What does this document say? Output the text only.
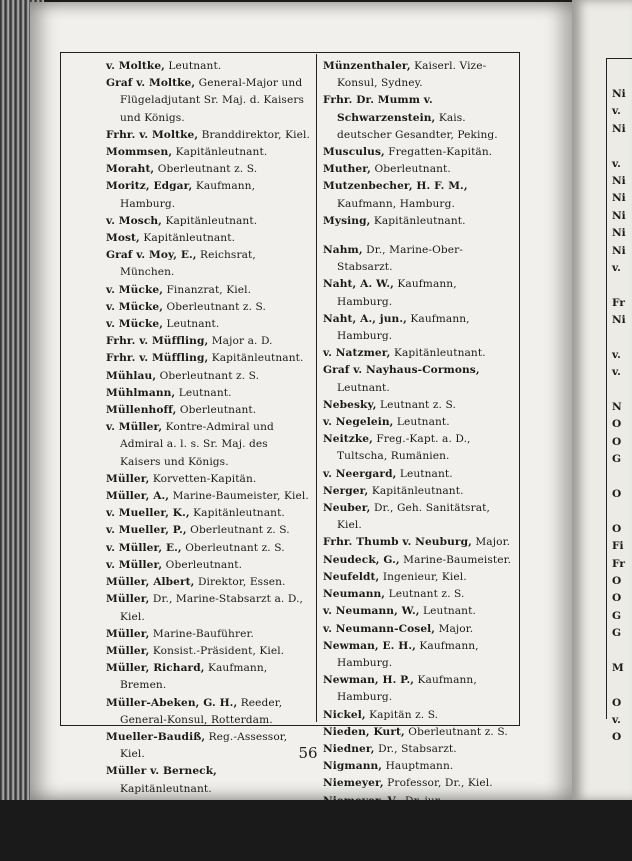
v. Moltke, Leutnant.
Graf v. Moltke, General-Major und Flügeladjutant Sr. Maj. d. Kaisers und Königs.
Frhr. v. Moltke, Branddirektor, Kiel.
Mommsen, Kapitänleutnant.
Moraht, Oberleutnant z. S.
Moritz, Edgar, Kaufmann, Hamburg.
v. Mosch, Kapitänleutnant.
Most, Kapitänleutnant.
Graf v. Moy, E., Reichsrat, München.
v. Mücke, Finanzrat, Kiel.
v. Mücke, Oberleutnant z. S.
v. Mücke, Leutnant.
Frhr. v. Müffling, Major a. D.
Frhr. v. Müffling, Kapitänleutnant.
Mühlau, Oberleutnant z. S.
Mühlmann, Leutnant.
Müllenhoff, Oberleutnant.
v. Müller, Kontre-Admiral und Admiral a. l. s. Sr. Maj. des Kaisers und Königs.
Müller, Korvetten-Kapitän.
Müller, A., Marine-Baumeister, Kiel.
v. Mueller, K., Kapitänleutnant.
v. Mueller, P., Oberleutnant z. S.
v. Müller, E., Oberleutnant z. S.
v. Müller, Oberleutnant.
Müller, Albert, Direktor, Essen.
Müller, Dr., Marine-Stabsarzt a. D., Kiel.
Müller, Marine-Bauführer.
Müller, Konsist.-Präsident, Kiel.
Müller, Richard, Kaufmann, Bremen.
Müller-Abeken, G. H., Reeder, General-Konsul, Rotterdam.
Mueller-Baudiß, Reg.-Assessor, Kiel.
Müller v. Berneck, Kapitänleutnant.
Müller-Palm, Kapitänleutnant.
Münster-Schultz, Privatier, Hamburg.
Münzenthaler, Kaiserl. Vize-Konsul, Sydney.
Frhr. Dr. Mumm v. Schwarzenstein, Kais. deutscher Gesandter, Peking.
Musculus, Fregatten-Kapitän.
Muther, Oberleutnant.
Mutzenbecher, H. F. M., Kaufmann, Hamburg.
Mysing, Kapitänleutnant.
Nahm, Dr., Marine-Ober-Stabsarzt.
Naht, A. W., Kaufmann, Hamburg.
Naht, A., jun., Kaufmann, Hamburg.
v. Natzmer, Kapitänleutnant.
Graf v. Nayhaus-Cormons, Leutnant.
Nebesky, Leutnant z. S.
v. Negelein, Leutnant.
Neitzke, Freg.-Kapt. a. D., Tultscha, Rumänien.
v. Neergard, Leutnant.
Nerger, Kapitänleutnant.
Neuber, Dr., Geh. Sanitätsrat, Kiel.
Frhr. Thumb v. Neuburg, Major.
Neudeck, G., Marine-Baumeister.
Neufeldt, Ingenieur, Kiel.
Neumann, Leutnant z. S.
v. Neumann, W., Leutnant.
v. Neumann-Cosel, Major.
Newman, E. H., Kaufmann, Hamburg.
Newman, H. P., Kaufmann, Hamburg.
Nickel, Kapitän z. S.
Nieden, Kurt, Oberleutnant z. S.
Niedner, Dr., Stabsarzt.
Nigmann, Hauptmann.
Niemeyer, Professor, Dr., Kiel.
Niemeyer, V., Dr. jur., Rechtsanwalt, Essen.
Niemeyer, Hamburg.
Niemöller, Oberleutnant.
56
Ni
v.
Ni
v.
Ni
Ni
Ni
Ni
Ni
v.
Fr
Ni
v.
v.
N
O
O
G
O
O
Fi
Fr
O
O
G
G
M
O
v.
O
